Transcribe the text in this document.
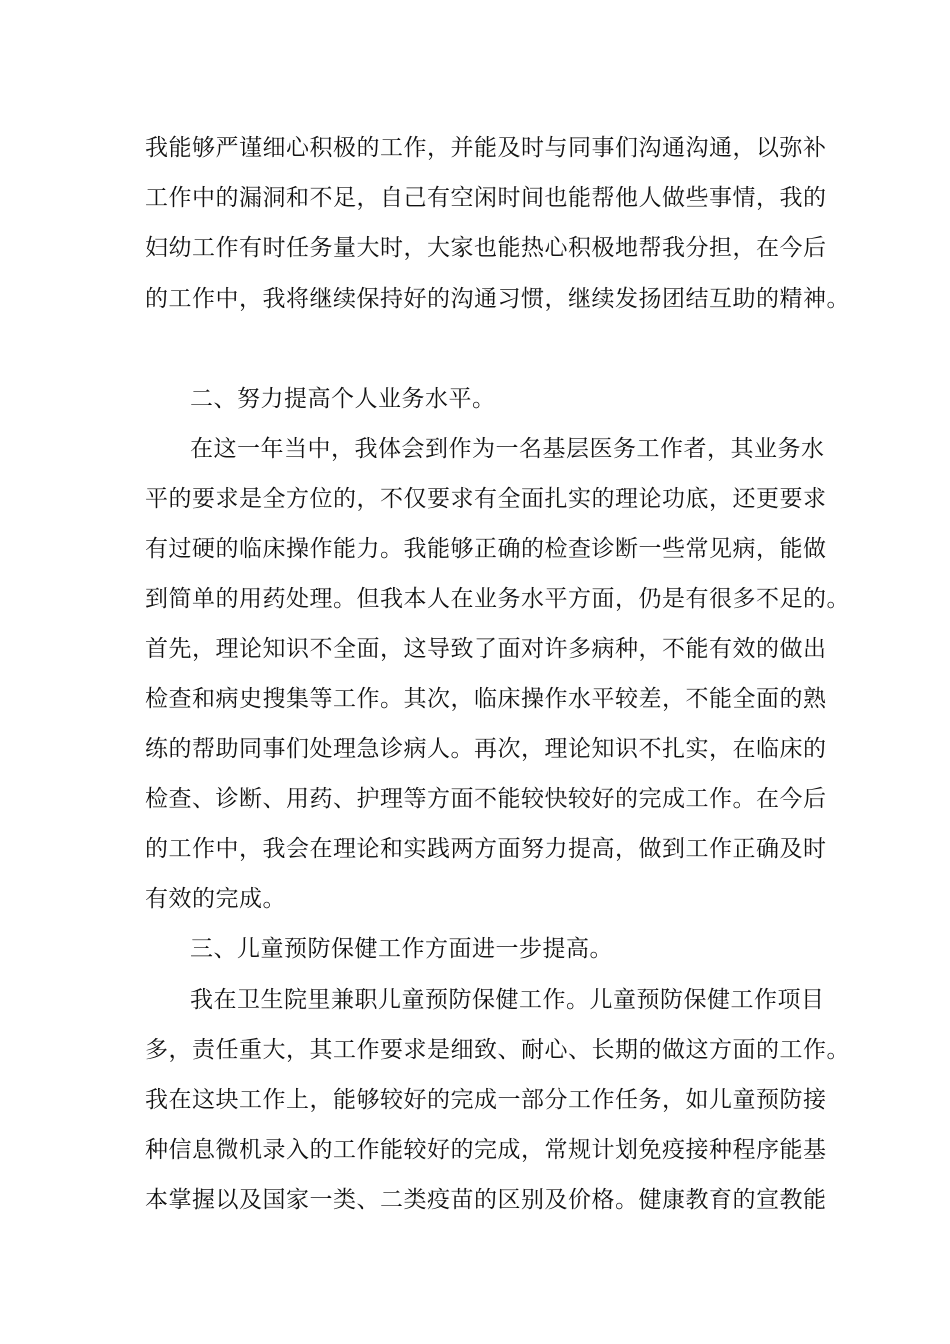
我能够严谨细心积极的工作，并能及时与同事们沟通沟通，以弥补
工作中的漏洞和不足，自己有空闲时间也能帮他人做些事情，我的
妇幼工作有时任务量大时，大家也能热心积极地帮我分担，在今后
的工作中，我将继续保持好的沟通习惯，继续发扬团结互助的精神。
二、努力提高个人业务水平。
在这一年当中，我体会到作为一名基层医务工作者，其业务水
平的要求是全方位的，不仅要求有全面扎实的理论功底，还更要求
有过硬的临床操作能力。我能够正确的检查诊断一些常见病，能做
到简单的用药处理。但我本人在业务水平方面，仍是有很多不足的。
首先，理论知识不全面，这导致了面对许多病种，不能有效的做出
检查和病史搜集等工作。其次，临床操作水平较差，不能全面的熟
练的帮助同事们处理急诊病人。再次，理论知识不扎实，在临床的
检查、诊断、用药、护理等方面不能较快较好的完成工作。在今后
的工作中，我会在理论和实践两方面努力提高，做到工作正确及时
有效的完成。
三、儿童预防保健工作方面进一步提高。
我在卫生院里兼职儿童预防保健工作。儿童预防保健工作项目
多，责任重大，其工作要求是细致、耐心、长期的做这方面的工作。
我在这块工作上，能够较好的完成一部分工作任务，如儿童预防接
种信息微机录入的工作能较好的完成，常规计划免疫接种程序能基
本掌握以及国家一类、二类疫苗的区别及价格。健康教育的宣教能
